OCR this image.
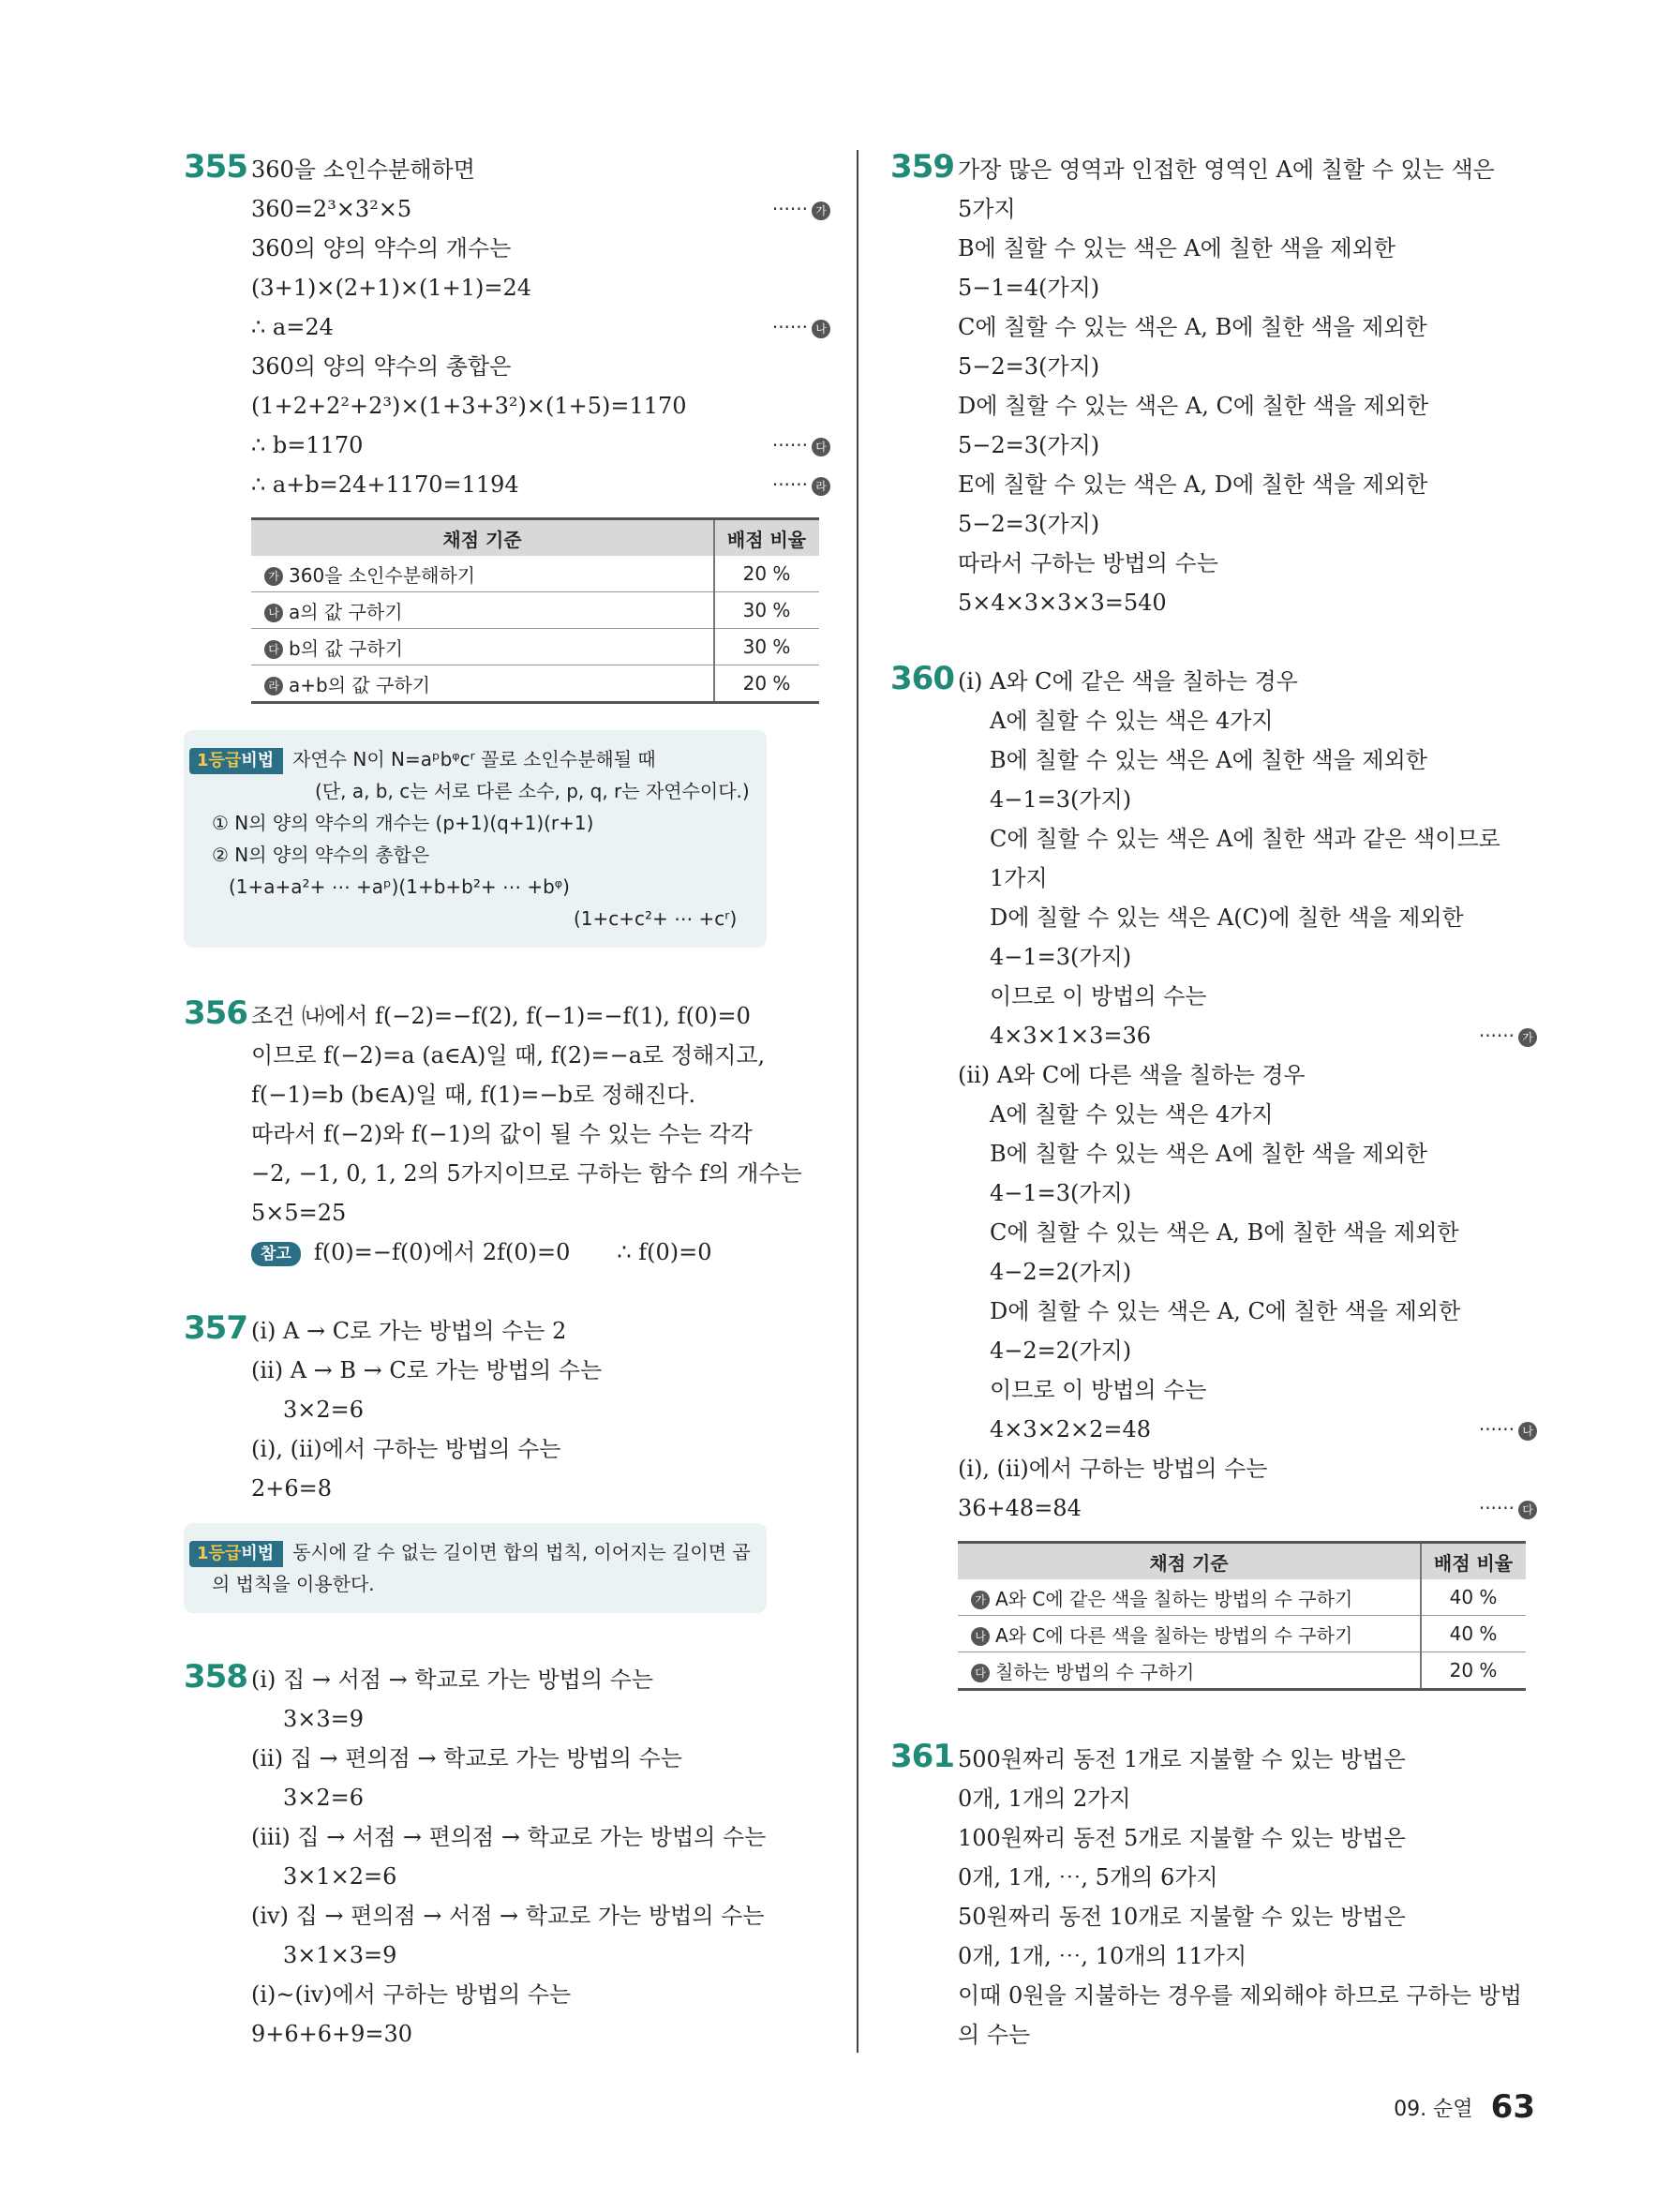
355 360을 소인수분해하면
360=2³×3²×5	······ 가
360의 양의 약수의 개수는
(3+1)×(2+1)×(1+1)=24
∴ a=24	······ 나
360의 양의 약수의 총합은
(1+2+2²+2³)×(1+3+3²)×(1+5)=1170
∴ b=1170	······ 다
∴ a+b=24+1170=1194	······ 라
채점 기준	배점 비율
가 360을 소인수분해하기	20 %
나 a의 값 구하기	30 %
다 b의 값 구하기	30 %
라 a+b의 값 구하기	20 %
1등급비법 자연수 N이 N=aᵖbᵠcʳ 꼴로 소인수분해될 때
(단, a, b, c는 서로 다른 소수, p, q, r는 자연수이다.)
① N의 양의 약수의 개수는 (p+1)(q+1)(r+1)
② N의 양의 약수의 총합은
(1+a+a²+ ⋯ +aᵖ)(1+b+b²+ ⋯ +bᵠ)
(1+c+c²+ ⋯ +cʳ)
356 조건 ㈏에서 f(−2)=−f(2), f(−1)=−f(1), f(0)=0
이므로 f(−2)=a (a∈A)일 때, f(2)=−a로 정해지고,
f(−1)=b (b∈A)일 때, f(1)=−b로 정해진다.
따라서 f(−2)와 f(−1)의 값이 될 수 있는 수는 각각
−2, −1, 0, 1, 2의 5가지이므로 구하는 함수 f의 개수는
5×5=25
참고 f(0)=−f(0)에서 2f(0)=0 ∴ f(0)=0
357 (i) A → C로 가는 방법의 수는 2
(ii) A → B → C로 가는 방법의 수는
3×2=6
(i), (ii)에서 구하는 방법의 수는
2+6=8
1등급비법 동시에 갈 수 없는 길이면 합의 법칙, 이어지는 길이면 곱
의 법칙을 이용한다.
358 (i) 집 → 서점 → 학교로 가는 방법의 수는
3×3=9
(ii) 집 → 편의점 → 학교로 가는 방법의 수는
3×2=6
(iii) 집 → 서점 → 편의점 → 학교로 가는 방법의 수는
3×1×2=6
(iv) 집 → 편의점 → 서점 → 학교로 가는 방법의 수는
3×1×3=9
(i)~(iv)에서 구하는 방법의 수는
9+6+6+9=30
359 가장 많은 영역과 인접한 영역인 A에 칠할 수 있는 색은
5가지
B에 칠할 수 있는 색은 A에 칠한 색을 제외한
5−1=4(가지)
C에 칠할 수 있는 색은 A, B에 칠한 색을 제외한
5−2=3(가지)
D에 칠할 수 있는 색은 A, C에 칠한 색을 제외한
5−2=3(가지)
E에 칠할 수 있는 색은 A, D에 칠한 색을 제외한
5−2=3(가지)
따라서 구하는 방법의 수는
5×4×3×3×3=540
360 (i) A와 C에 같은 색을 칠하는 경우
A에 칠할 수 있는 색은 4가지
B에 칠할 수 있는 색은 A에 칠한 색을 제외한
4−1=3(가지)
C에 칠할 수 있는 색은 A에 칠한 색과 같은 색이므로
1가지
D에 칠할 수 있는 색은 A(C)에 칠한 색을 제외한
4−1=3(가지)
이므로 이 방법의 수는
4×3×1×3=36	······ 가
(ii) A와 C에 다른 색을 칠하는 경우
A에 칠할 수 있는 색은 4가지
B에 칠할 수 있는 색은 A에 칠한 색을 제외한
4−1=3(가지)
C에 칠할 수 있는 색은 A, B에 칠한 색을 제외한
4−2=2(가지)
D에 칠할 수 있는 색은 A, C에 칠한 색을 제외한
4−2=2(가지)
이므로 이 방법의 수는
4×3×2×2=48	······ 나
(i), (ii)에서 구하는 방법의 수는
36+48=84	······ 다
채점 기준	배점 비율
가 A와 C에 같은 색을 칠하는 방법의 수 구하기	40 %
나 A와 C에 다른 색을 칠하는 방법의 수 구하기	40 %
다 칠하는 방법의 수 구하기	20 %
361 500원짜리 동전 1개로 지불할 수 있는 방법은
0개, 1개의 2가지
100원짜리 동전 5개로 지불할 수 있는 방법은
0개, 1개, ⋯, 5개의 6가지
50원짜리 동전 10개로 지불할 수 있는 방법은
0개, 1개, ⋯, 10개의 11가지
이때 0원을 지불하는 경우를 제외해야 하므로 구하는 방법
의 수는
09. 순열 63
